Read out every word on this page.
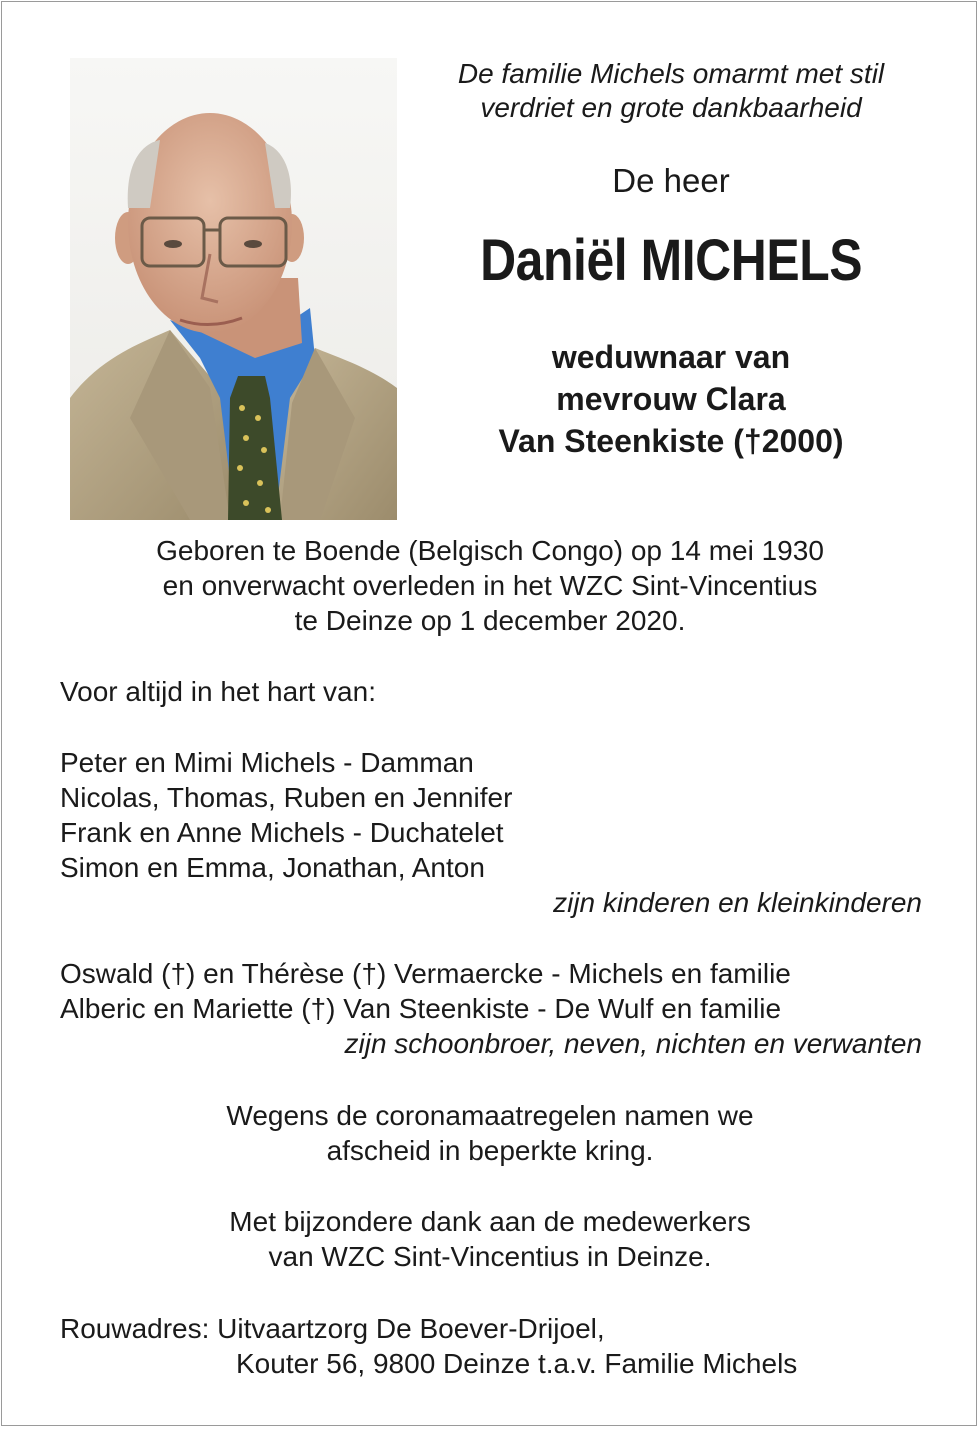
De familie Michels omarmt met stil
verdriet en grote dankbaarheid
De heer
Daniël MICHELS
weduwnaar van
mevrouw Clara
Van Steenkiste (†2000)
Geboren te Boende (Belgisch Congo) op 14 mei 1930
en onverwacht overleden in het WZC Sint-Vincentius
te Deinze op 1 december 2020.
Voor altijd in het hart van:
Peter en Mimi Michels - Damman
Nicolas, Thomas, Ruben en Jennifer
Frank en Anne Michels - Duchatelet
Simon en Emma, Jonathan, Anton
zijn kinderen en kleinkinderen
Oswald (†) en Thérèse (†) Vermaercke - Michels en familie
Alberic en Mariette (†) Van Steenkiste - De Wulf en familie
zijn schoonbroer, neven, nichten en verwanten
Wegens de coronamaatregelen namen we
afscheid in beperkte kring.
Met bijzondere dank aan de medewerkers
van WZC Sint-Vincentius in Deinze.
Rouwadres: Uitvaartzorg De Boever-Drijoel,
Kouter 56, 9800 Deinze t.a.v. Familie Michels
